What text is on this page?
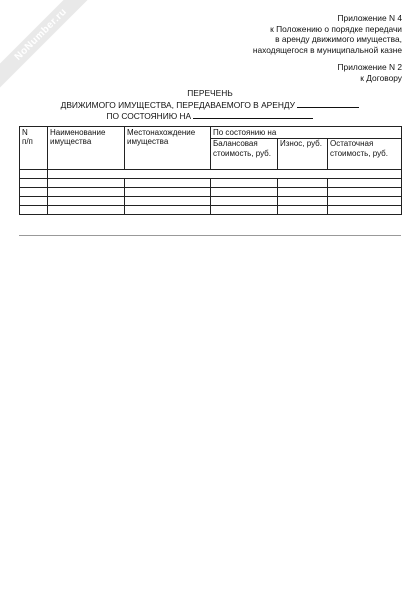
NoNumber.ru	Приложение N 4
к Положению о порядке передачи
в аренду движимого имущества,
находящегося в муниципальной казне
Приложение N 2
к Договору
ПЕРЕЧЕНЬ
ДВИЖИМОГО ИМУЩЕСТВА, ПЕРЕДАВАЕМОГО В АРЕНДУ
ПО СОСТОЯНИЮ НА
N
п/п	Наименование имущества	Местонахождение имущества	По состоянию на		
			Балансовая стоимость, руб.	Износ, руб.	Остаточная стоимость, руб.
